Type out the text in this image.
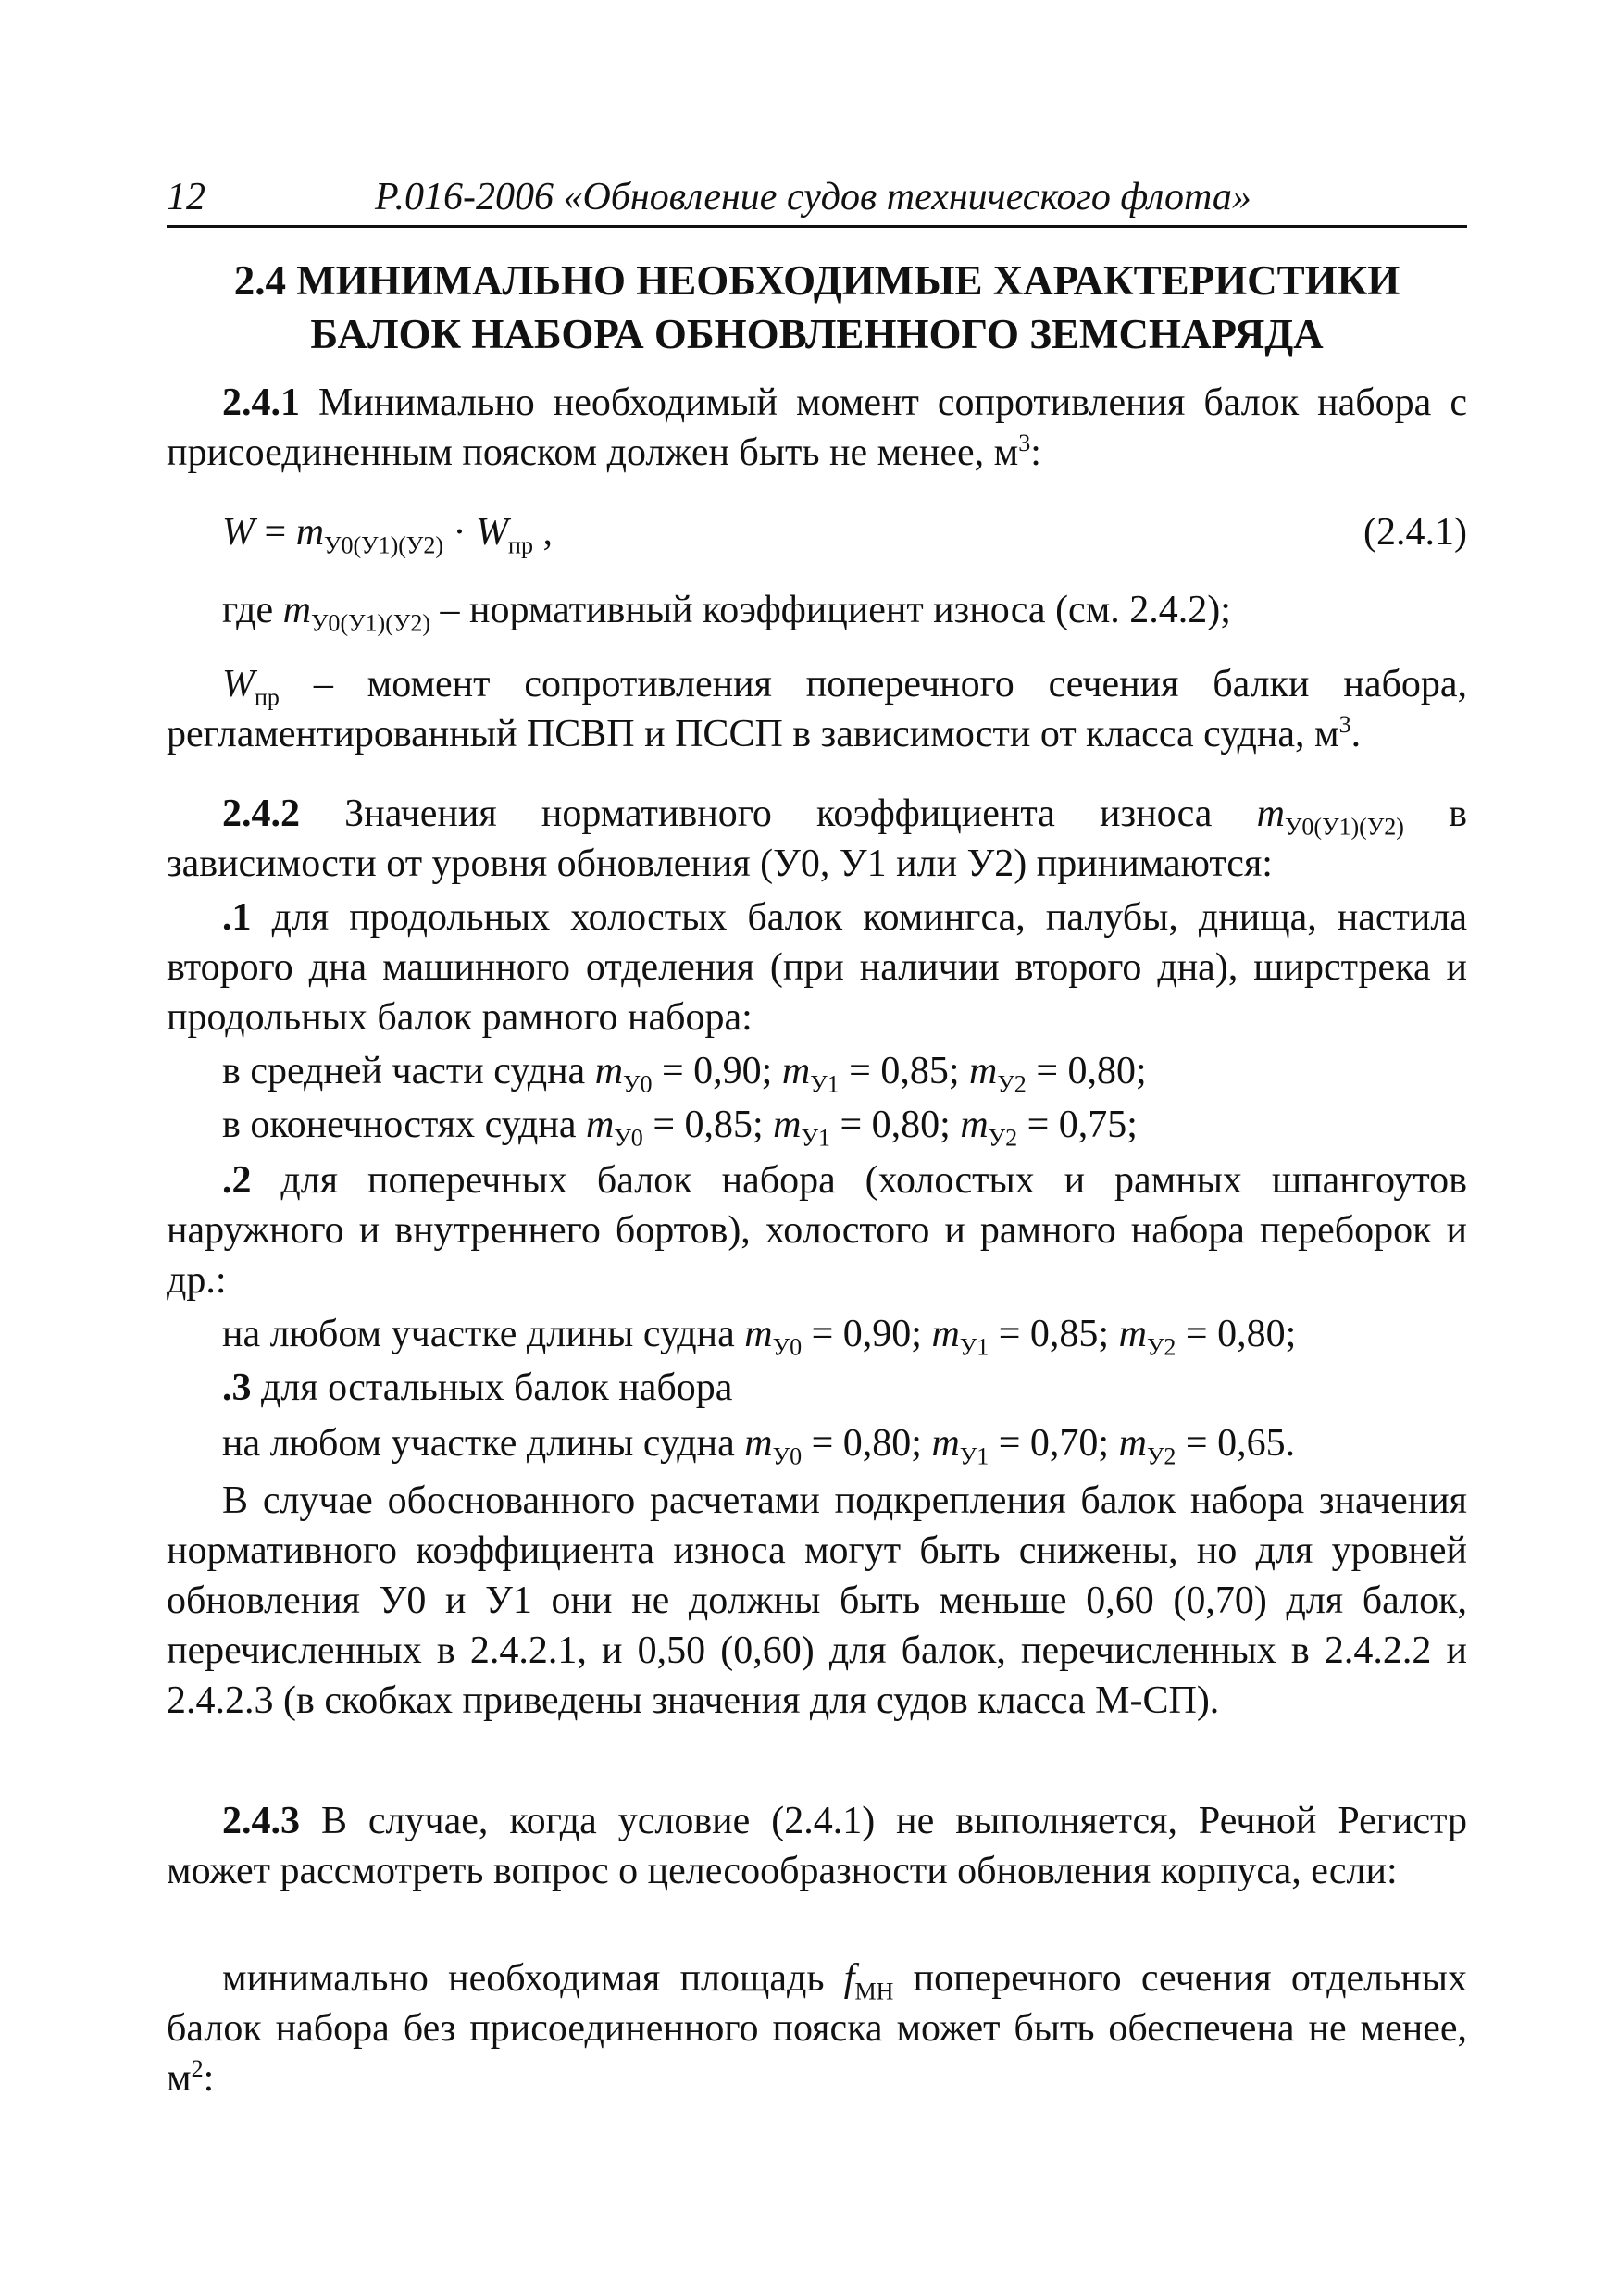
12	Р.016-2006 «Обновление судов технического флота»
2.4 МИНИМАЛЬНО НЕОБХОДИМЫЕ ХАРАКТЕРИСТИКИ
БАЛОК НАБОРА ОБНОВЛЕННОГО ЗЕМСНАРЯДА
2.4.1 Минимально необходимый момент сопротивления балок набора с присоединенным пояском должен быть не менее, $м^3$:
$W = m_{У0(У1)(У2)} \cdot W_{пр}$ ,	(2.4.1)
где $m_{У0(У1)(У2)}$ – нормативный коэффициент износа (см. 2.4.2);
$W_{пр}$ – момент сопротивления поперечного сечения балки набора, регламентированный ПСВП и ПССП в зависимости от класса судна, $м^3$.
2.4.2 Значения нормативного коэффициента износа $m_{У0(У1)(У2)}$ в зависимости от уровня обновления (У0, У1 или У2) принимаются:
.1 для продольных холостых балок комингса, палубы, днища, настила второго дна машинного отделения (при наличии второго дна), ширстрека и продольных балок рамного набора:
в средней части судна $m_{У0} = 0,90$; $m_{У1} = 0,85$; $m_{У2} = 0,80$;
в оконечностях судна $m_{У0} = 0,85$; $m_{У1} = 0,80$; $m_{У2} = 0,75$;
.2 для поперечных балок набора (холостых и рамных шпангоутов наружного и внутреннего бортов), холостого и рамного набора переборок и др.:
на любом участке длины судна $m_{У0} = 0,90$; $m_{У1} = 0,85$; $m_{У2} = 0,80$;
.3 для остальных балок набора
на любом участке длины судна $m_{У0} = 0,80$; $m_{У1} = 0,70$; $m_{У2} = 0,65$.
В случае обоснованного расчетами подкрепления балок набора значения нормативного коэффициента износа могут быть снижены, но для уровней обновления У0 и У1 они не должны быть меньше 0,60 (0,70) для балок, перечисленных в 2.4.2.1, и 0,50 (0,60) для балок, перечисленных в 2.4.2.2 и 2.4.2.3 (в скобках приведены значения для судов класса М-СП).
2.4.3 В случае, когда условие (2.4.1) не выполняется, Речной Регистр может рассмотреть вопрос о целесообразности обновления корпуса, если:
минимально необходимая площадь $f_{МН}$ поперечного сечения отдельных балок набора без присоединенного пояска может быть обеспечена не менее, $м^2$:
